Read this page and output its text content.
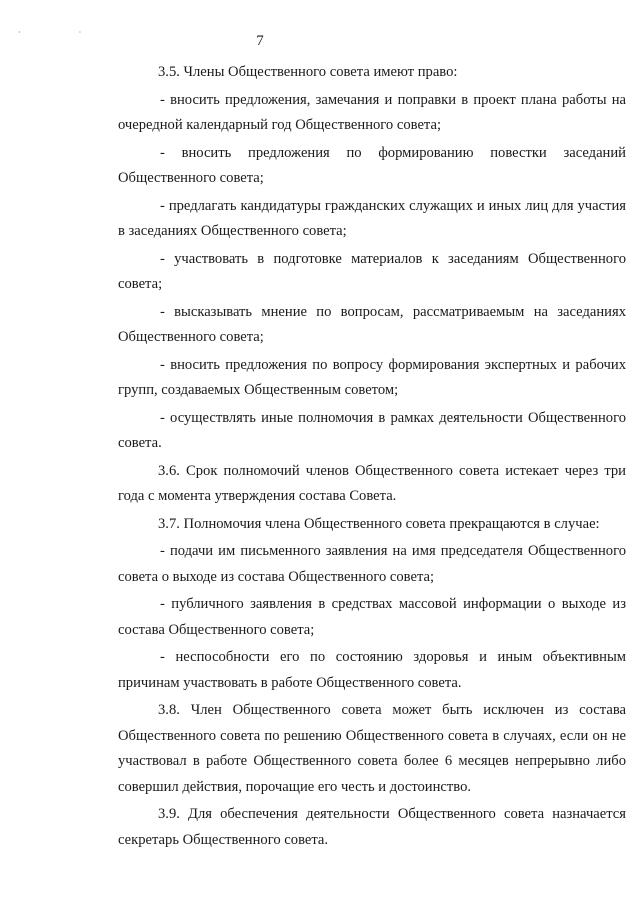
· ·
7

3.5. Члены Общественного совета имеют право:

- вносить предложения, замечания и поправки в проект плана работы на очередной календарный год Общественного совета;

- вносить предложения по формированию повестки заседаний Общественного совета;

- предлагать кандидатуры гражданских служащих и иных лиц для участия в заседаниях Общественного совета;

- участвовать в подготовке материалов к заседаниям Общественного совета;

- высказывать мнение по вопросам, рассматриваемым на заседаниях Общественного совета;

- вносить предложения по вопросу формирования экспертных и рабочих групп, создаваемых Общественным советом;

- осуществлять иные полномочия в рамках деятельности Общественного совета.

3.6. Срок полномочий членов Общественного совета истекает через три года с момента утверждения состава Совета.

3.7. Полномочия члена Общественного совета прекращаются в случае:

- подачи им письменного заявления на имя председателя Общественного совета о выходе из состава Общественного совета;

- публичного заявления в средствах массовой информации о выходе из состава Общественного совета;

- неспособности его по состоянию здоровья и иным объективным причинам участвовать в работе Общественного совета.

3.8. Член Общественного совета может быть исключен из состава Общественного совета по решению Общественного совета в случаях, если он не участвовал в работе Общественного совета более 6 месяцев непрерывно либо совершил действия, порочащие его честь и достоинство.

3.9. Для обеспечения деятельности Общественного совета назначается секретарь Общественного совета.
